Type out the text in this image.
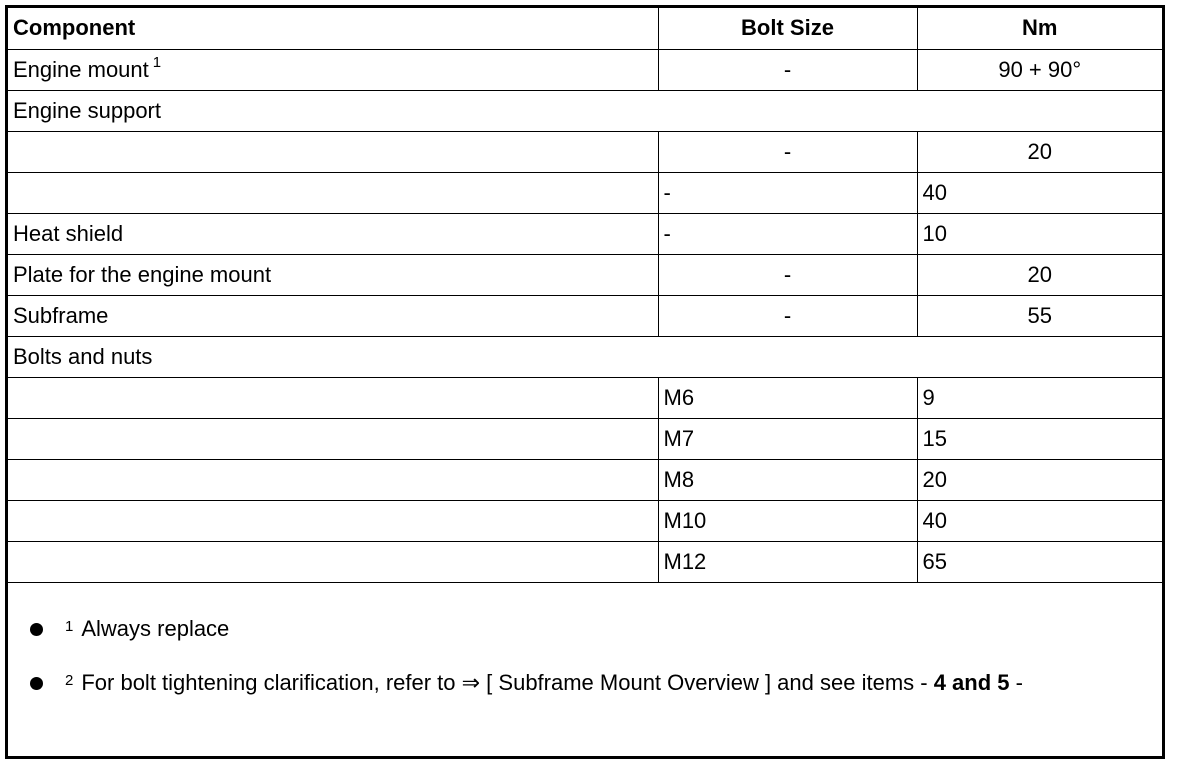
Component	Bolt Size	Nm
Engine mount $^1$	-	90 + 90°
Engine support		
	-	20
	-	40
Heat shield	-	10
Plate for the engine mount	-	20
Subframe	-	55
Bolts and nuts		
	M6	9
	M7	15
	M8	20
	M10	40
	M12	65
$^1$ Always replace
$^2$ For bolt tightening clarification, refer to ⇒ [ Subframe Mount Overview ] and see items - 4 and 5 -
